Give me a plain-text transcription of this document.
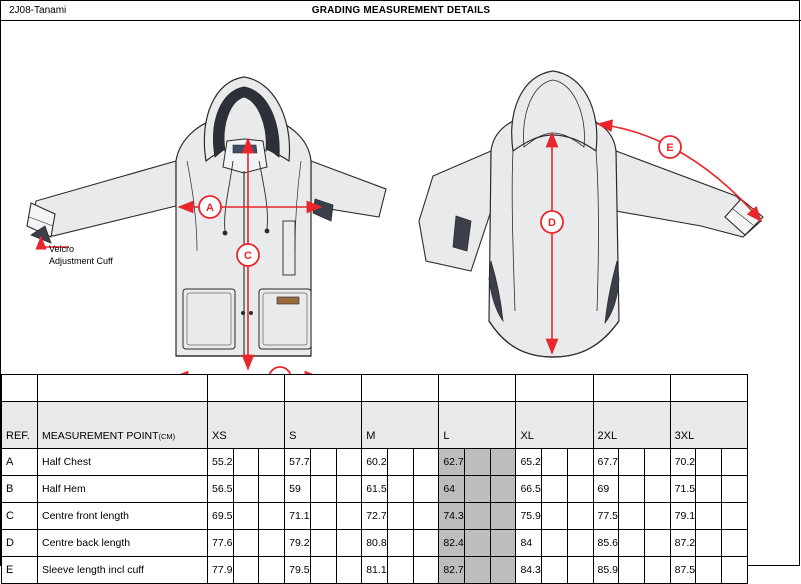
2J08-Tanami	GRADING MEASUREMENT DETAILS
A
C
D
E
Velcro
Adjustment Cuff

REF.	MEASUREMENT POINT(CM)	XS			S			M			L			XL			2XL			3XL		
A	Half Chest	55.2			57.7			60.2			62.7			65.2			67.7			70.2		
B	Half Hem	56.5			59			61.5			64			66.5			69			71.5		
C	Centre front length	69.5			71.1			72.7			74.3			75.9			77.5			79.1		
D	Centre back length	77.6			79.2			80.8			82.4			84			85.6			87.2		
E	Sleeve length incl cuff	77.9			79.5			81.1			82.7			84.3			85.9			87.5		
